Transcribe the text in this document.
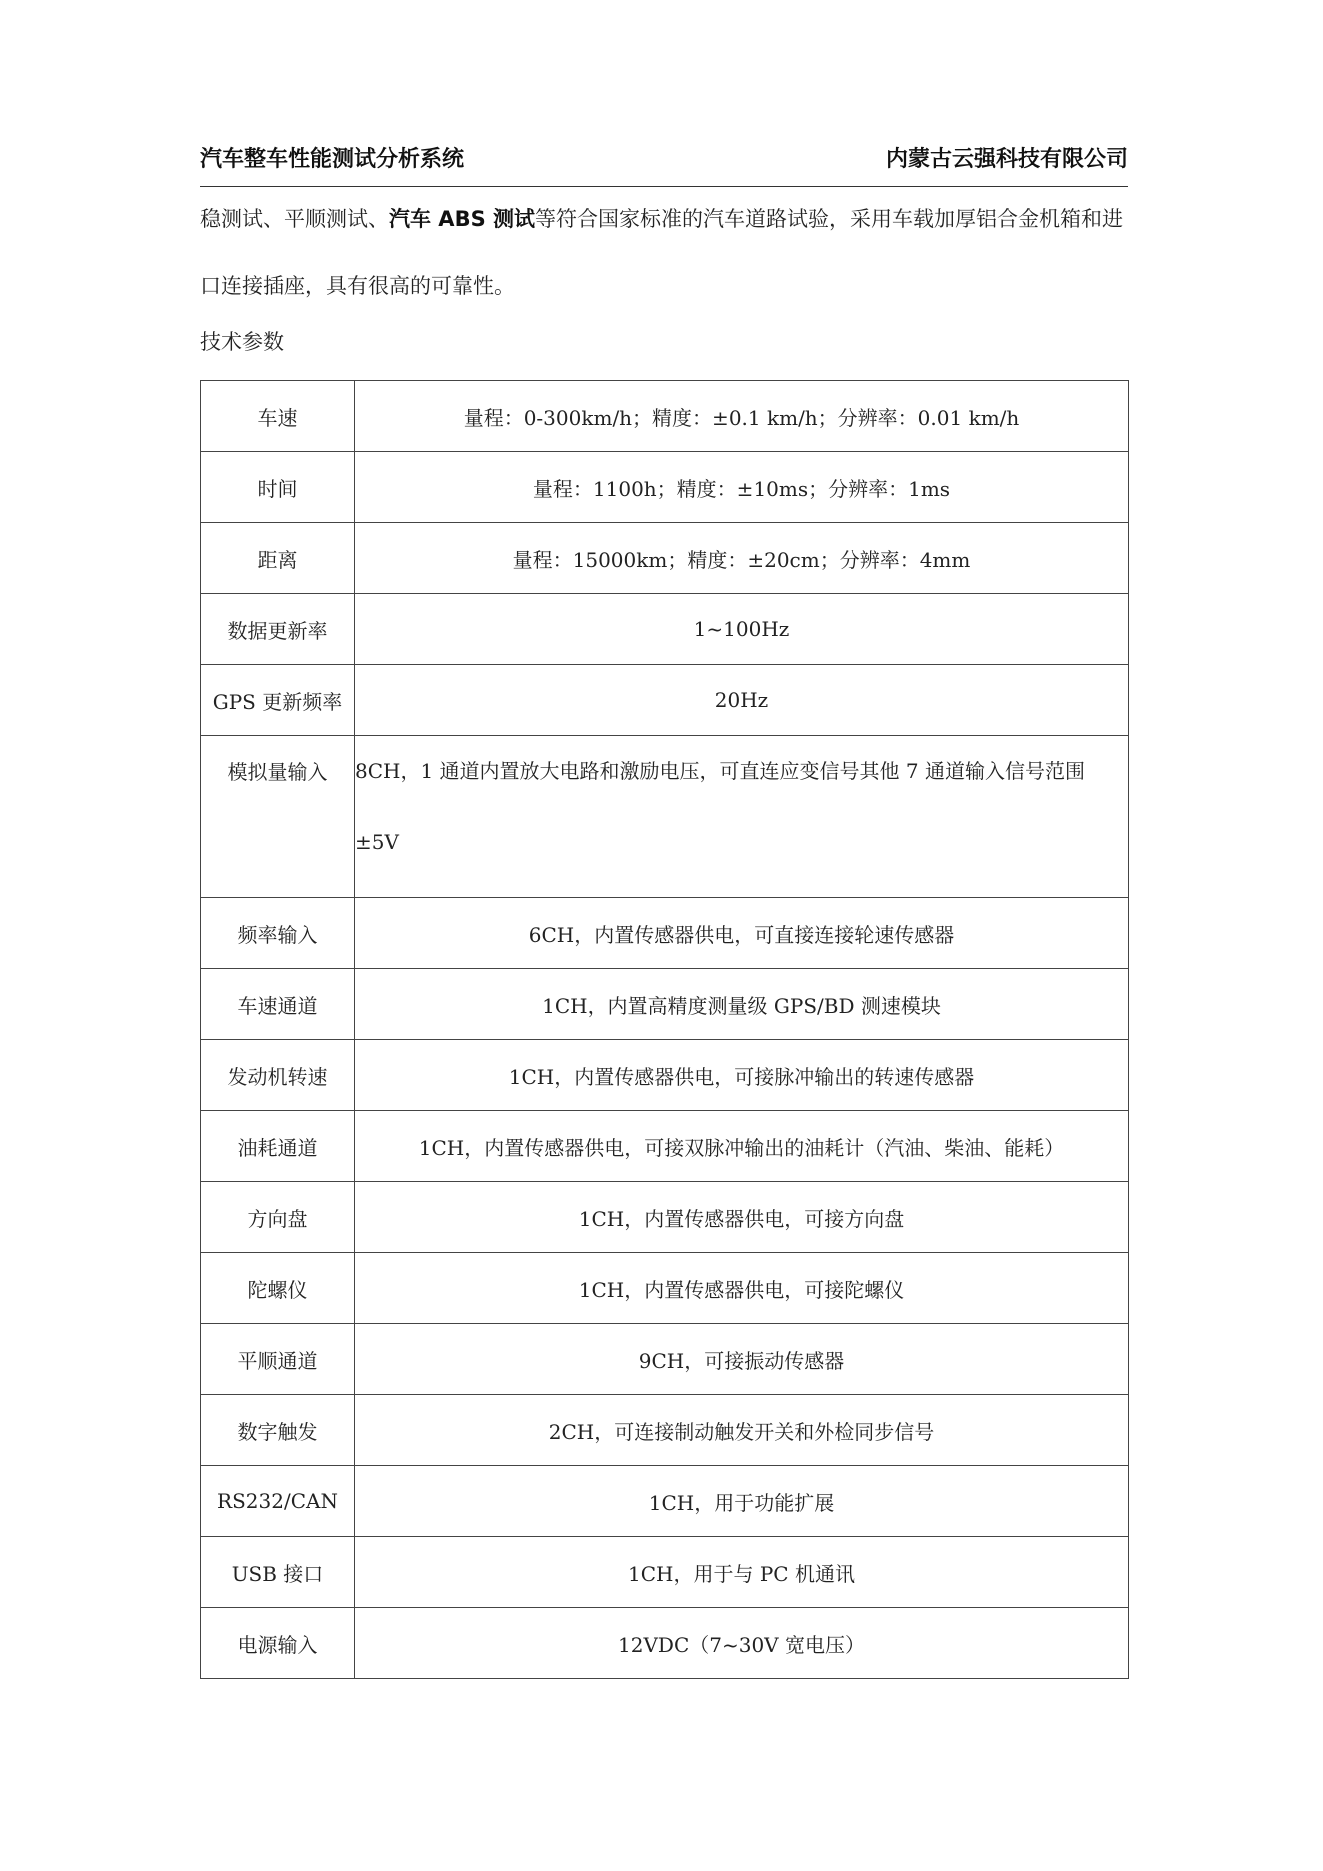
汽车整车性能测试分析系统	内蒙古云强科技有限公司
稳测试、平顺测试、汽车 ABS 测试等符合国家标准的汽车道路试验，采用车载加厚铝合金机箱和进口连接插座，具有很高的可靠性。
技术参数
车速	量程：0-300km/h；精度：±0.1 km/h；分辨率：0.01 km/h
时间	量程：1100h；精度：±10ms；分辨率：1ms
距离	量程：15000km；精度：±20cm；分辨率：4mm
数据更新率	1~100Hz
GPS 更新频率	20Hz
模拟量输入	8CH，1 通道内置放大电路和激励电压，可直连应变信号其他 7 通道输入信号范围±5V
频率输入	6CH，内置传感器供电，可直接连接轮速传感器
车速通道	1CH，内置高精度测量级 GPS/BD 测速模块
发动机转速	1CH，内置传感器供电，可接脉冲输出的转速传感器
油耗通道	1CH，内置传感器供电，可接双脉冲输出的油耗计（汽油、柴油、能耗）
方向盘	1CH，内置传感器供电，可接方向盘
陀螺仪	1CH，内置传感器供电，可接陀螺仪
平顺通道	9CH，可接振动传感器
数字触发	2CH，可连接制动触发开关和外检同步信号
RS232/CAN	1CH，用于功能扩展
USB 接口	1CH，用于与 PC 机通讯
电源输入	12VDC（7~30V 宽电压）
